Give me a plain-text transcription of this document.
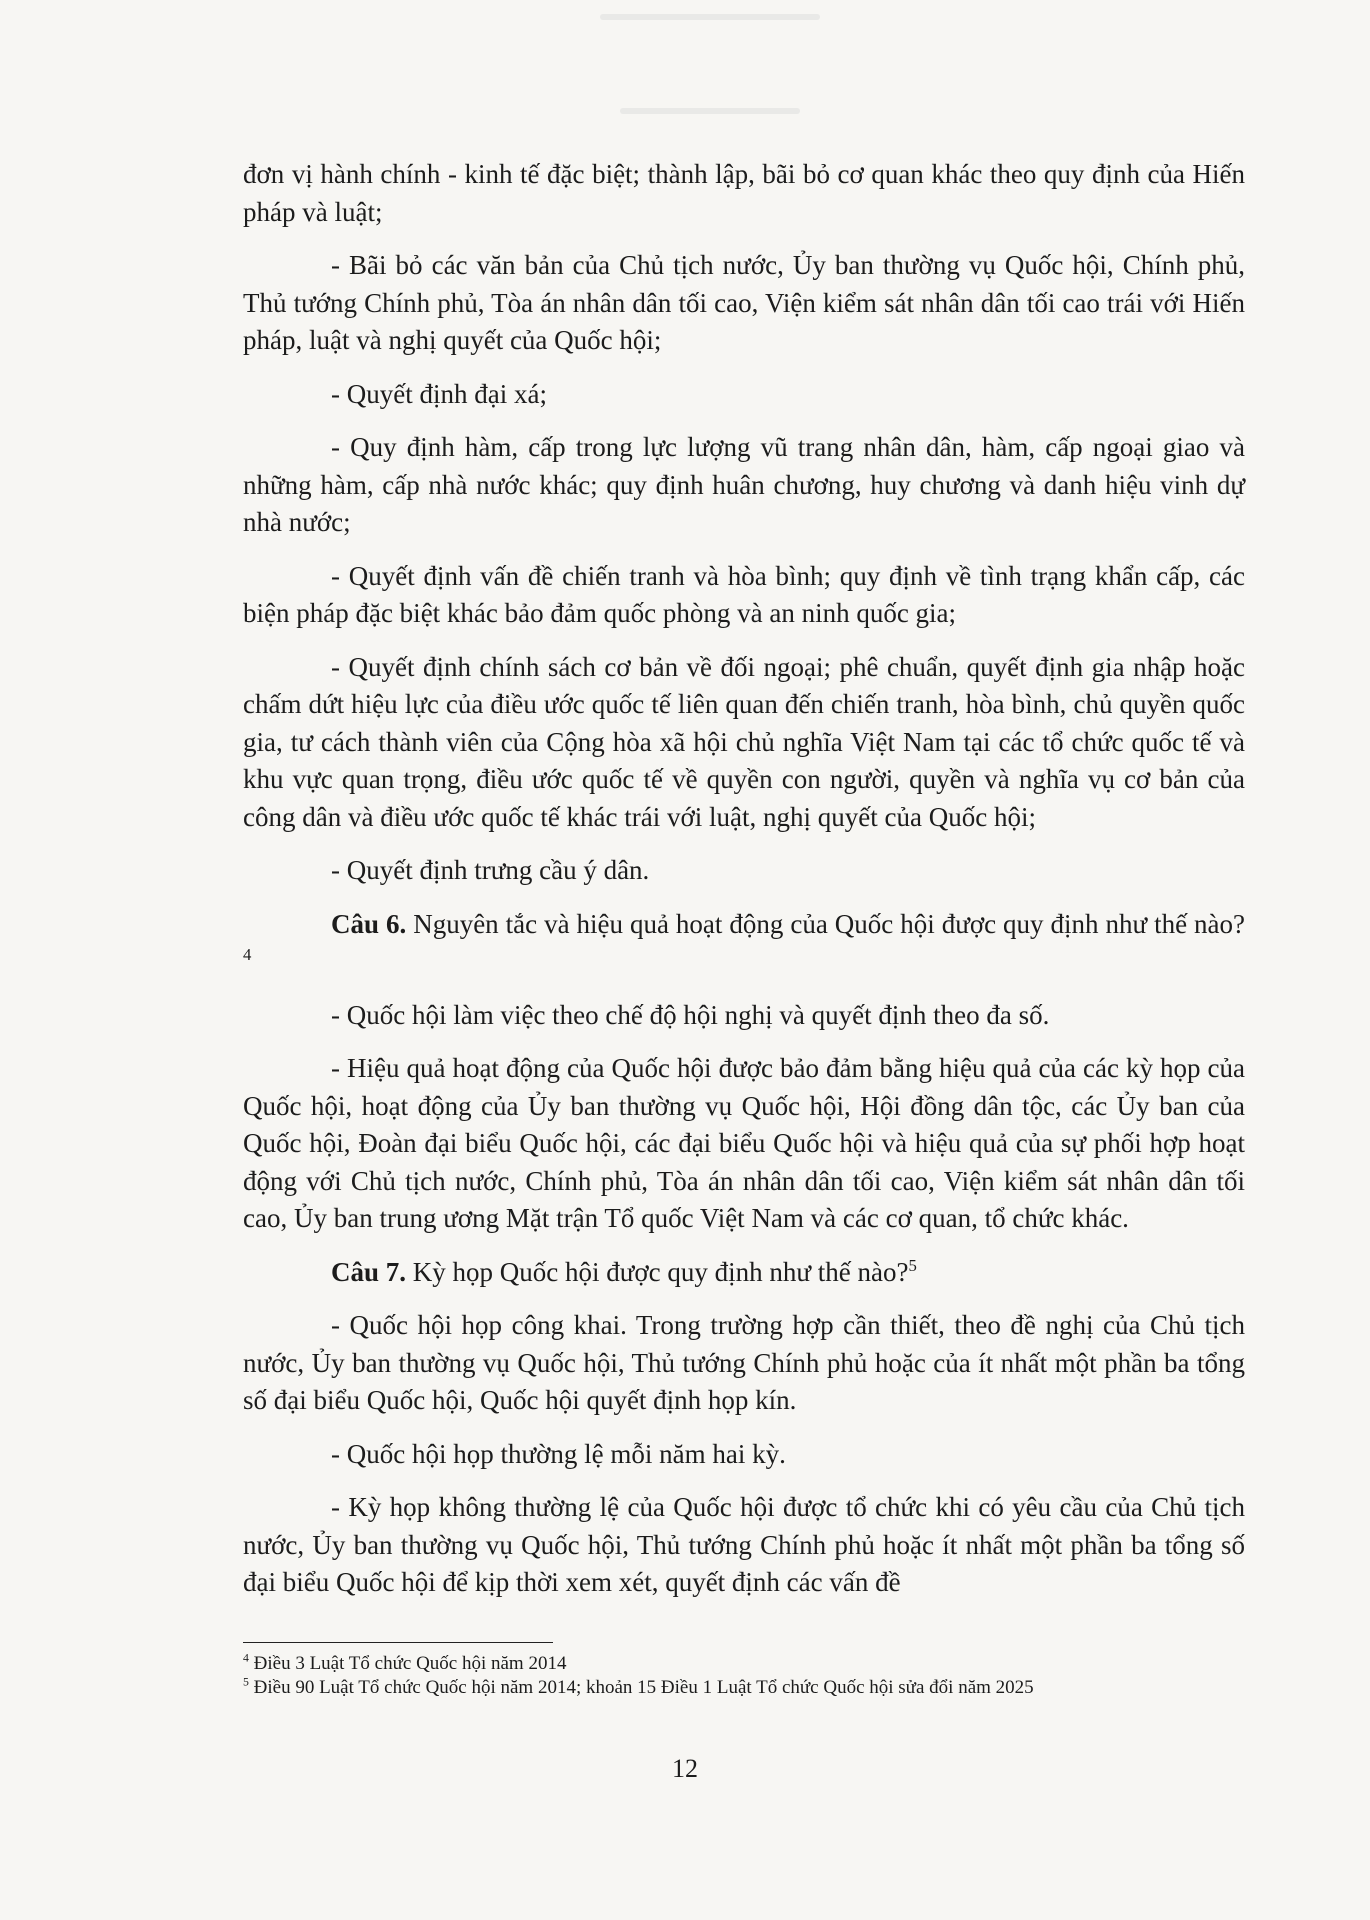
đơn vị hành chính - kinh tế đặc biệt; thành lập, bãi bỏ cơ quan khác theo quy định của Hiến pháp và luật;

- Bãi bỏ các văn bản của Chủ tịch nước, Ủy ban thường vụ Quốc hội, Chính phủ, Thủ tướng Chính phủ, Tòa án nhân dân tối cao, Viện kiểm sát nhân dân tối cao trái với Hiến pháp, luật và nghị quyết của Quốc hội;

- Quyết định đại xá;

- Quy định hàm, cấp trong lực lượng vũ trang nhân dân, hàm, cấp ngoại giao và những hàm, cấp nhà nước khác; quy định huân chương, huy chương và danh hiệu vinh dự nhà nước;

- Quyết định vấn đề chiến tranh và hòa bình; quy định về tình trạng khẩn cấp, các biện pháp đặc biệt khác bảo đảm quốc phòng và an ninh quốc gia;

- Quyết định chính sách cơ bản về đối ngoại; phê chuẩn, quyết định gia nhập hoặc chấm dứt hiệu lực của điều ước quốc tế liên quan đến chiến tranh, hòa bình, chủ quyền quốc gia, tư cách thành viên của Cộng hòa xã hội chủ nghĩa Việt Nam tại các tổ chức quốc tế và khu vực quan trọng, điều ước quốc tế về quyền con người, quyền và nghĩa vụ cơ bản của công dân và điều ước quốc tế khác trái với luật, nghị quyết của Quốc hội;

- Quyết định trưng cầu ý dân.

Câu 6. Nguyên tắc và hiệu quả hoạt động của Quốc hội được quy định như thế nào?$^4$

- Quốc hội làm việc theo chế độ hội nghị và quyết định theo đa số.

- Hiệu quả hoạt động của Quốc hội được bảo đảm bằng hiệu quả của các kỳ họp của Quốc hội, hoạt động của Ủy ban thường vụ Quốc hội, Hội đồng dân tộc, các Ủy ban của Quốc hội, Đoàn đại biểu Quốc hội, các đại biểu Quốc hội và hiệu quả của sự phối hợp hoạt động với Chủ tịch nước, Chính phủ, Tòa án nhân dân tối cao, Viện kiểm sát nhân dân tối cao, Ủy ban trung ương Mặt trận Tổ quốc Việt Nam và các cơ quan, tổ chức khác.

Câu 7. Kỳ họp Quốc hội được quy định như thế nào?$^5$

- Quốc hội họp công khai. Trong trường hợp cần thiết, theo đề nghị của Chủ tịch nước, Ủy ban thường vụ Quốc hội, Thủ tướng Chính phủ hoặc của ít nhất một phần ba tổng số đại biểu Quốc hội, Quốc hội quyết định họp kín.

- Quốc hội họp thường lệ mỗi năm hai kỳ.

- Kỳ họp không thường lệ của Quốc hội được tổ chức khi có yêu cầu của Chủ tịch nước, Ủy ban thường vụ Quốc hội, Thủ tướng Chính phủ hoặc ít nhất một phần ba tổng số đại biểu Quốc hội để kịp thời xem xét, quyết định các vấn đề

$^4$ Điều 3 Luật Tổ chức Quốc hội năm 2014

$^5$ Điều 90 Luật Tổ chức Quốc hội năm 2014; khoản 15 Điều 1 Luật Tổ chức Quốc hội sửa đổi năm 2025

12
